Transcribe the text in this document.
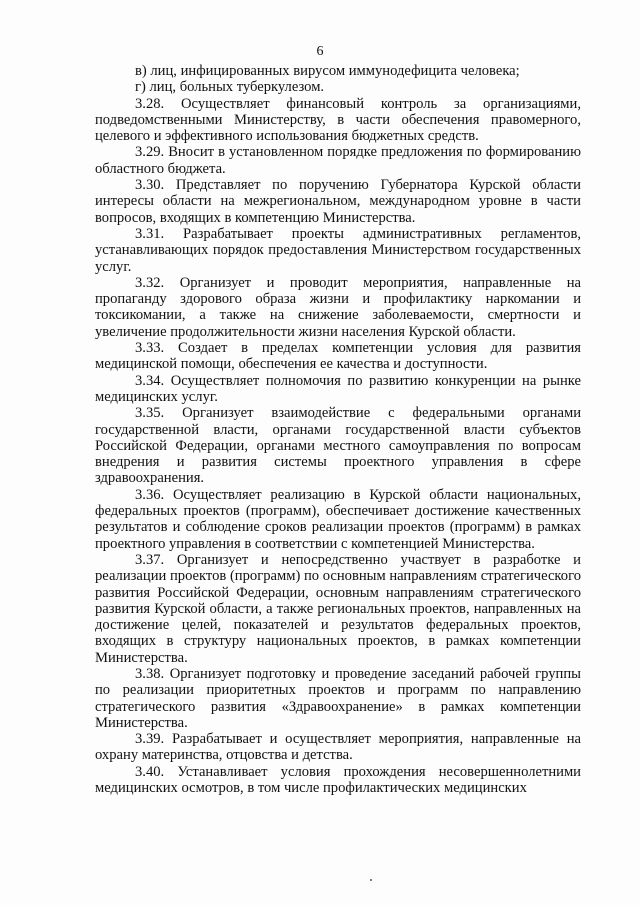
6

в) лиц, инфицированных вирусом иммунодефицита человека;

г) лиц, больных туберкулезом.

3.28. Осуществляет финансовый контроль за организациями, подведомственными Министерству, в части обеспечения правомерного, целевого и эффективного использования бюджетных средств.

3.29. Вносит в установленном порядке предложения по формированию областного бюджета.

3.30. Представляет по поручению Губернатора Курской области интересы области на межрегиональном, международном уровне в части вопросов, входящих в компетенцию Министерства.

3.31. Разрабатывает проекты административных регламентов, устанавливающих порядок предоставления Министерством государственных услуг.

3.32. Организует и проводит мероприятия, направленные на пропаганду здорового образа жизни и профилактику наркомании и токсикомании, а также на снижение заболеваемости, смертности и увеличение продолжительности жизни населения Курской области.

3.33. Создает в пределах компетенции условия для развития медицинской помощи, обеспечения ее качества и доступности.

3.34. Осуществляет полномочия по развитию конкуренции на рынке медицинских услуг.

3.35. Организует взаимодействие с федеральными органами государственной власти, органами государственной власти субъектов Российской Федерации, органами местного самоуправления по вопросам внедрения и развития системы проектного управления в сфере здравоохранения.

3.36. Осуществляет реализацию в Курской области национальных, федеральных проектов (программ), обеспечивает достижение качественных результатов и соблюдение сроков реализации проектов (программ) в рамках проектного управления в соответствии с компетенцией Министерства.

3.37. Организует и непосредственно участвует в разработке и реализации проектов (программ) по основным направлениям стратегического развития Российской Федерации, основным направлениям стратегического развития Курской области, а также региональных проектов, направленных на достижение целей, показателей и результатов федеральных проектов, входящих в структуру национальных проектов, в рамках компетенции Министерства.

3.38. Организует подготовку и проведение заседаний рабочей группы по реализации приоритетных проектов и программ по направлению стратегического развития «Здравоохранение» в рамках компетенции Министерства.

3.39. Разрабатывает и осуществляет мероприятия, направленные на охрану материнства, отцовства и детства.

3.40. Устанавливает условия прохождения несовершеннолетними медицинских осмотров, в том числе профилактических медицинских
